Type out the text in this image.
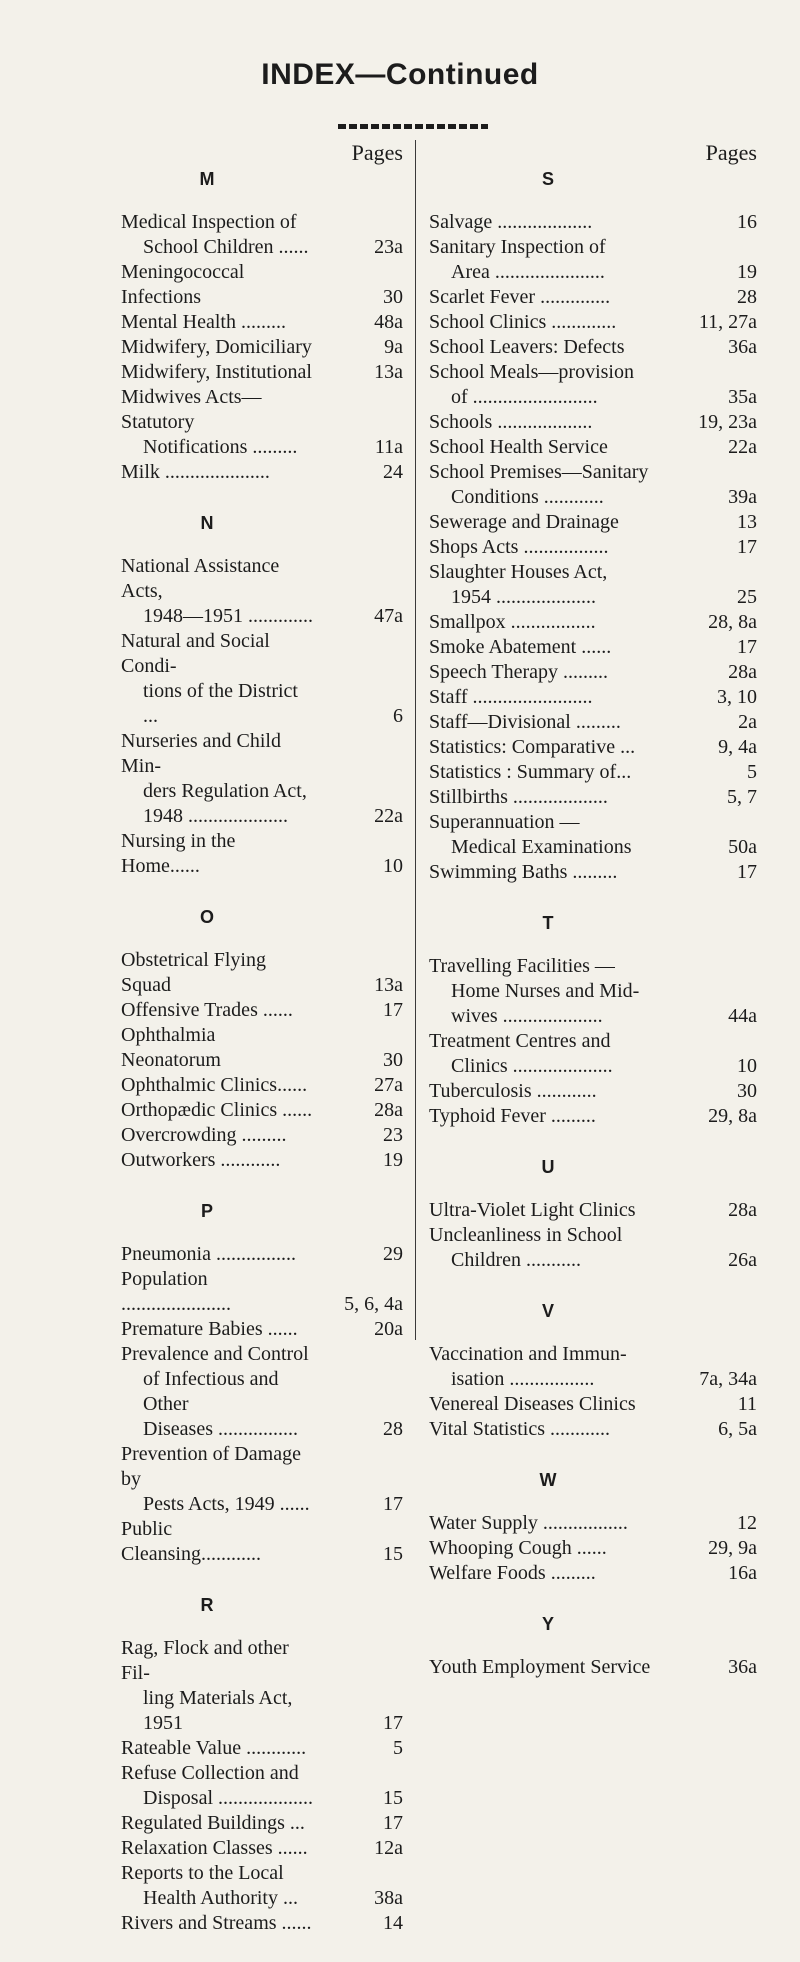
INDEX—Continued
Pages
M
Medical Inspection of
School Children ......	23a
Meningococcal Infections	30
Mental Health .........	48a
Midwifery, Domiciliary	9a
Midwifery, Institutional	13a
Midwives Acts—Statutory
Notifications .........	11a
Milk .....................	24
N
National Assistance Acts,
1948—1951 .............	47a
Natural and Social Condi-
tions of the District ...	6
Nurseries and Child Min-
ders Regulation Act,
1948 ....................	22a
Nursing in the Home......	10
O
Obstetrical Flying Squad	13a
Offensive Trades ......	17
Ophthalmia Neonatorum	30
Ophthalmic Clinics......	27a
Orthopædic Clinics ......	28a
Overcrowding .........	23
Outworkers ............	19
P
Pneumonia ................	29
Population ......................	5, 6, 4a
Premature Babies ......	20a
Prevalence and Control
of Infectious and Other
Diseases ................	28
Prevention of Damage by
Pests Acts, 1949 ......	17
Public Cleansing............	15
R
Rag, Flock and other Fil-
ling Materials Act, 1951	17
Rateable Value ............	5
Refuse Collection and
Disposal ...................	15
Regulated Buildings ...	17
Relaxation Classes ......	12a
Reports to the Local
Health Authority ...	38a
Rivers and Streams ......	14
Pages
S
Salvage ...................	16
Sanitary Inspection of
Area ......................	19
Scarlet Fever ..............	28
School Clinics .............	11, 27a
School Leavers: Defects	36a
School Meals—provision
of .........................	35a
Schools ...................	19, 23a
School Health Service	22a
School Premises—Sanitary
Conditions ............	39a
Sewerage and Drainage	13
Shops Acts .................	17
Slaughter Houses Act,
1954 ....................	25
Smallpox .................	28, 8a
Smoke Abatement ......	17
Speech Therapy .........	28a
Staff ........................	3, 10
Staff—Divisional .........	2a
Statistics: Comparative ...	9, 4a
Statistics : Summary of...	5
Stillbirths ...................	5, 7
Superannuation —
Medical Examinations	50a
Swimming Baths .........	17
T
Travelling Facilities —
Home Nurses and Mid-
wives ....................	44a
Treatment Centres and
Clinics ....................	10
Tuberculosis ............	30
Typhoid Fever .........	29, 8a
U
Ultra-Violet Light Clinics	28a
Uncleanliness in School
Children ...........	26a
V
Vaccination and Immun-
isation .................	7a, 34a
Venereal Diseases Clinics	11
Vital Statistics ............	6, 5a
W
Water Supply .................	12
Whooping Cough ......	29, 9a
Welfare Foods .........	16a
Y
Youth Employment Service	36a
